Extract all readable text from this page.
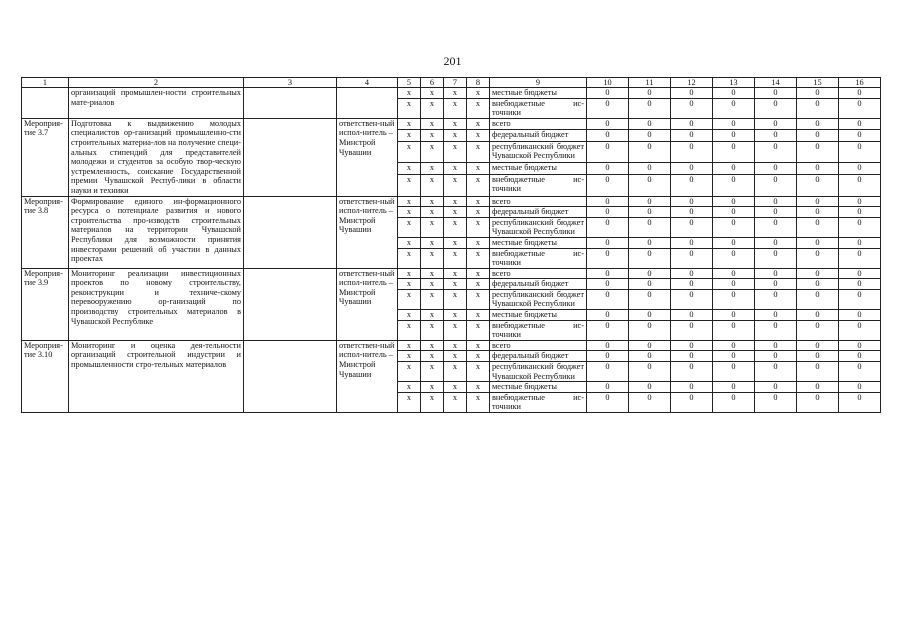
201
1	2	3	4	5	6	7	8	9	10	11	12	13	14	15	16
	организаций промышлен-ности строительных мате-риалов			x	x	x	x	местные бюджеты	0	0	0	0	0	0	0
				x	x	x	x	внебюджетные ис-точники	0	0	0	0	0	0	0
Мероприя-тие 3.7	Подготовка к выдвижению молодых специалистов ор-ганизаций промышленно-сти строительных материа-лов на получение специ-альных стипендий для представителей молодежи и студентов за особую твор-ческую устремленность, соискание Государственной премии Чувашской Респуб-лики в области науки и техники		ответствен-ный испол-нитель – Минстрой Чувашии	x	x	x	x	всего	0	0	0	0	0	0	0
				x	x	x	x	федеральный бюджет	0	0	0	0	0	0	0
				x	x	x	x	республиканский бюджет Чувашской Республики	0	0	0	0	0	0	0
				x	x	x	x	местные бюджеты	0	0	0	0	0	0	0
				x	x	x	x	внебюджетные ис-точники	0	0	0	0	0	0	0
Мероприя-тие 3.8	Формирование единого ин-формационного ресурса о потенциале развития и нового строительства про-изводств строительных материалов на территории Чувашской Республики для возможности принятия инвесторами решений об участии в данных проектах		ответствен-ный испол-нитель – Минстрой Чувашии	x	x	x	x	всего	0	0	0	0	0	0	0
				x	x	x	x	федеральный бюджет	0	0	0	0	0	0	0
				x	x	x	x	республиканский бюджет Чувашской Республики	0	0	0	0	0	0	0
				x	x	x	x	местные бюджеты	0	0	0	0	0	0	0
				x	x	x	x	внебюджетные ис-точники	0	0	0	0	0	0	0
Мероприя-тие 3.9	Мониторинг реализации инвестиционных проектов по новому строительству, реконструкции и техниче-скому перевооружению ор-ганизаций по производству строительных материалов в Чувашской Республике		ответствен-ный испол-нитель – Минстрой Чувашии	x	x	x	x	всего	0	0	0	0	0	0	0
				x	x	x	x	федеральный бюджет	0	0	0	0	0	0	0
				x	x	x	x	республиканский бюджет Чувашской Республики	0	0	0	0	0	0	0
				x	x	x	x	местные бюджеты	0	0	0	0	0	0	0
				x	x	x	x	внебюджетные ис-точники	0	0	0	0	0	0	0
Мероприя-тие 3.10	Мониторинг и оценка дея-тельности организаций строительной индустрии и промышленности стро-тельных материалов		ответствен-ный испол-нитель – Минстрой Чувашии	x	x	x	x	всего	0	0	0	0	0	0	0
				x	x	x	x	федеральный бюджет	0	0	0	0	0	0	0
				x	x	x	x	республиканский бюджет Чувашской Республики	0	0	0	0	0	0	0
				x	x	x	x	местные бюджеты	0	0	0	0	0	0	0
				x	x	x	x	внебюджетные ис-точники	0	0	0	0	0	0	0
